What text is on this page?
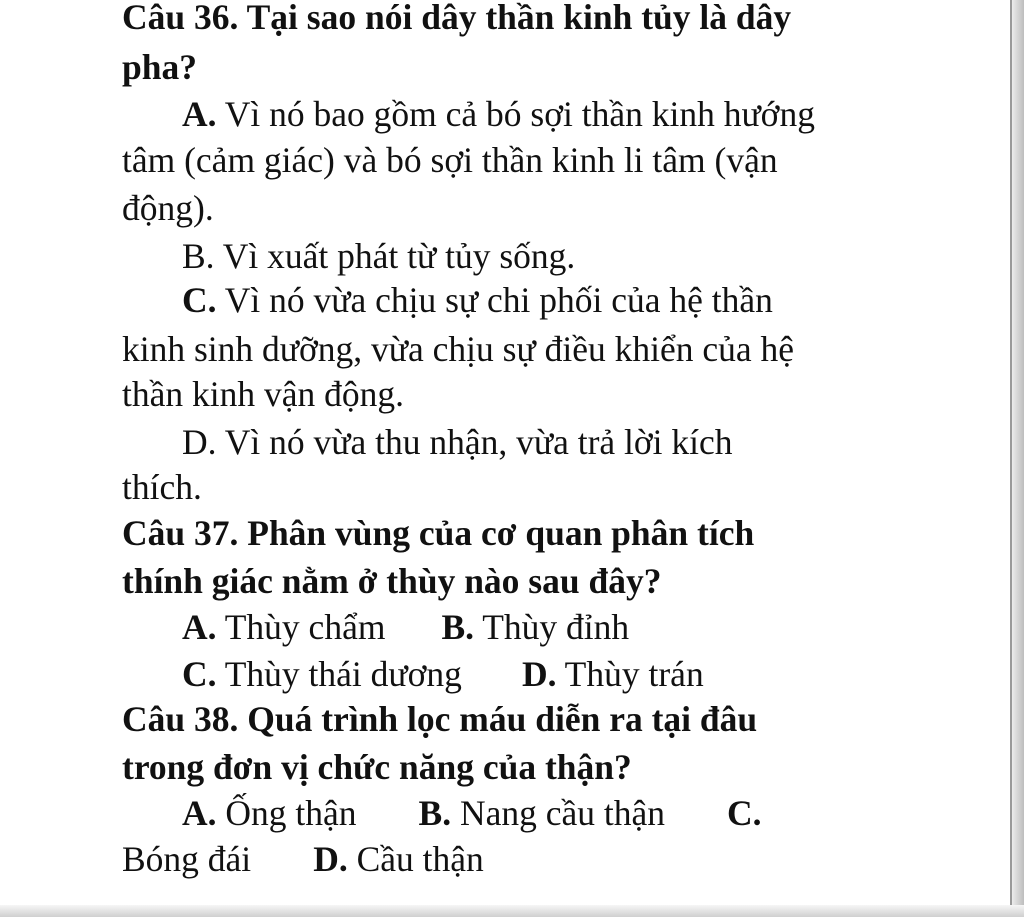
Câu 36. Tại sao nói dây thần kinh tủy là dây
pha?
A. Vì nó bao gồm cả bó sợi thần kinh hướng
tâm (cảm giác) và bó sợi thần kinh li tâm (vận
động).
B. Vì xuất phát từ tủy sống.
C. Vì nó vừa chịu sự chi phối của hệ thần
kinh sinh dưỡng, vừa chịu sự điều khiển của hệ
thần kinh vận động.
D. Vì nó vừa thu nhận, vừa trả lời kích
thích.
Câu 37. Phân vùng của cơ quan phân tích
thính giác nằm ở thùy nào sau đây?
A. Thùy chẩm B. Thùy đỉnh
C. Thùy thái dương D. Thùy trán
Câu 38. Quá trình lọc máu diễn ra tại đâu
trong đơn vị chức năng của thận?
A. Ống thận B. Nang cầu thận C.
Bóng đái D. Cầu thận
